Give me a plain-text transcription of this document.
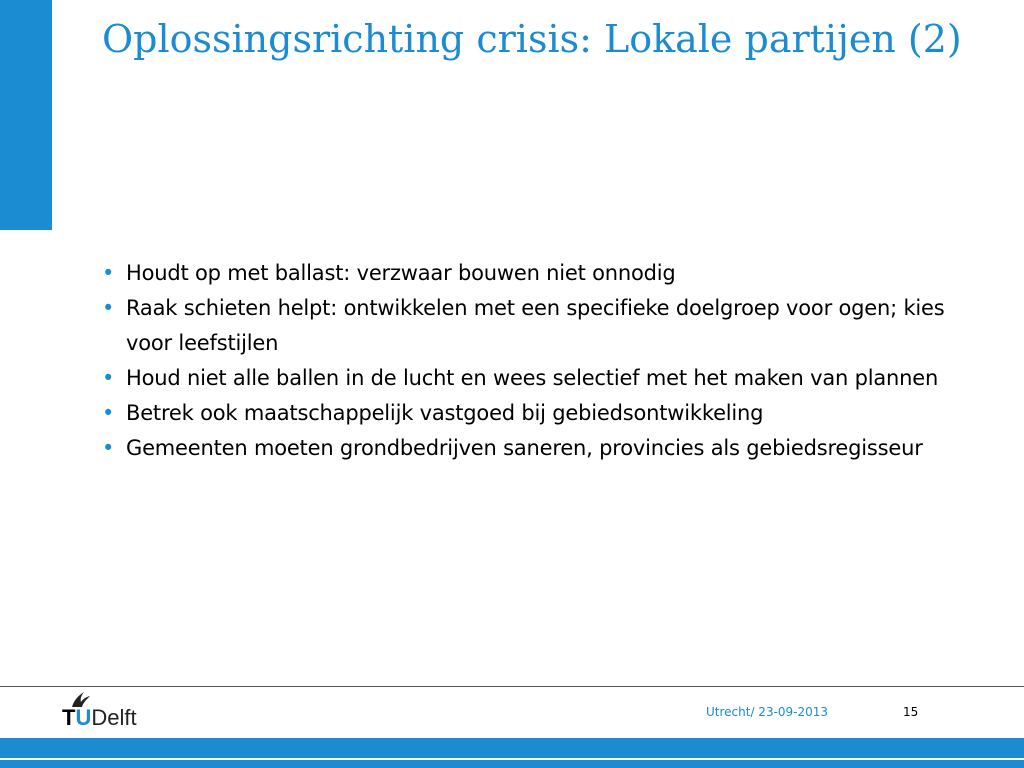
Oplossingsrichting crisis: Lokale partijen (2)
• Houdt op met ballast: verzwaar bouwen niet onnodig
• Raak schieten helpt: ontwikkelen met een specifieke doelgroep voor ogen; kies voor leefstijlen
• Houd niet alle ballen in de lucht en wees selectief met het maken van plannen
• Betrek ook maatschappelijk vastgoed bij gebiedsontwikkeling
• Gemeenten moeten grondbedrijven saneren, provincies als gebiedsregisseur
TUDelft	Utrecht/ 23-09-2013	15
